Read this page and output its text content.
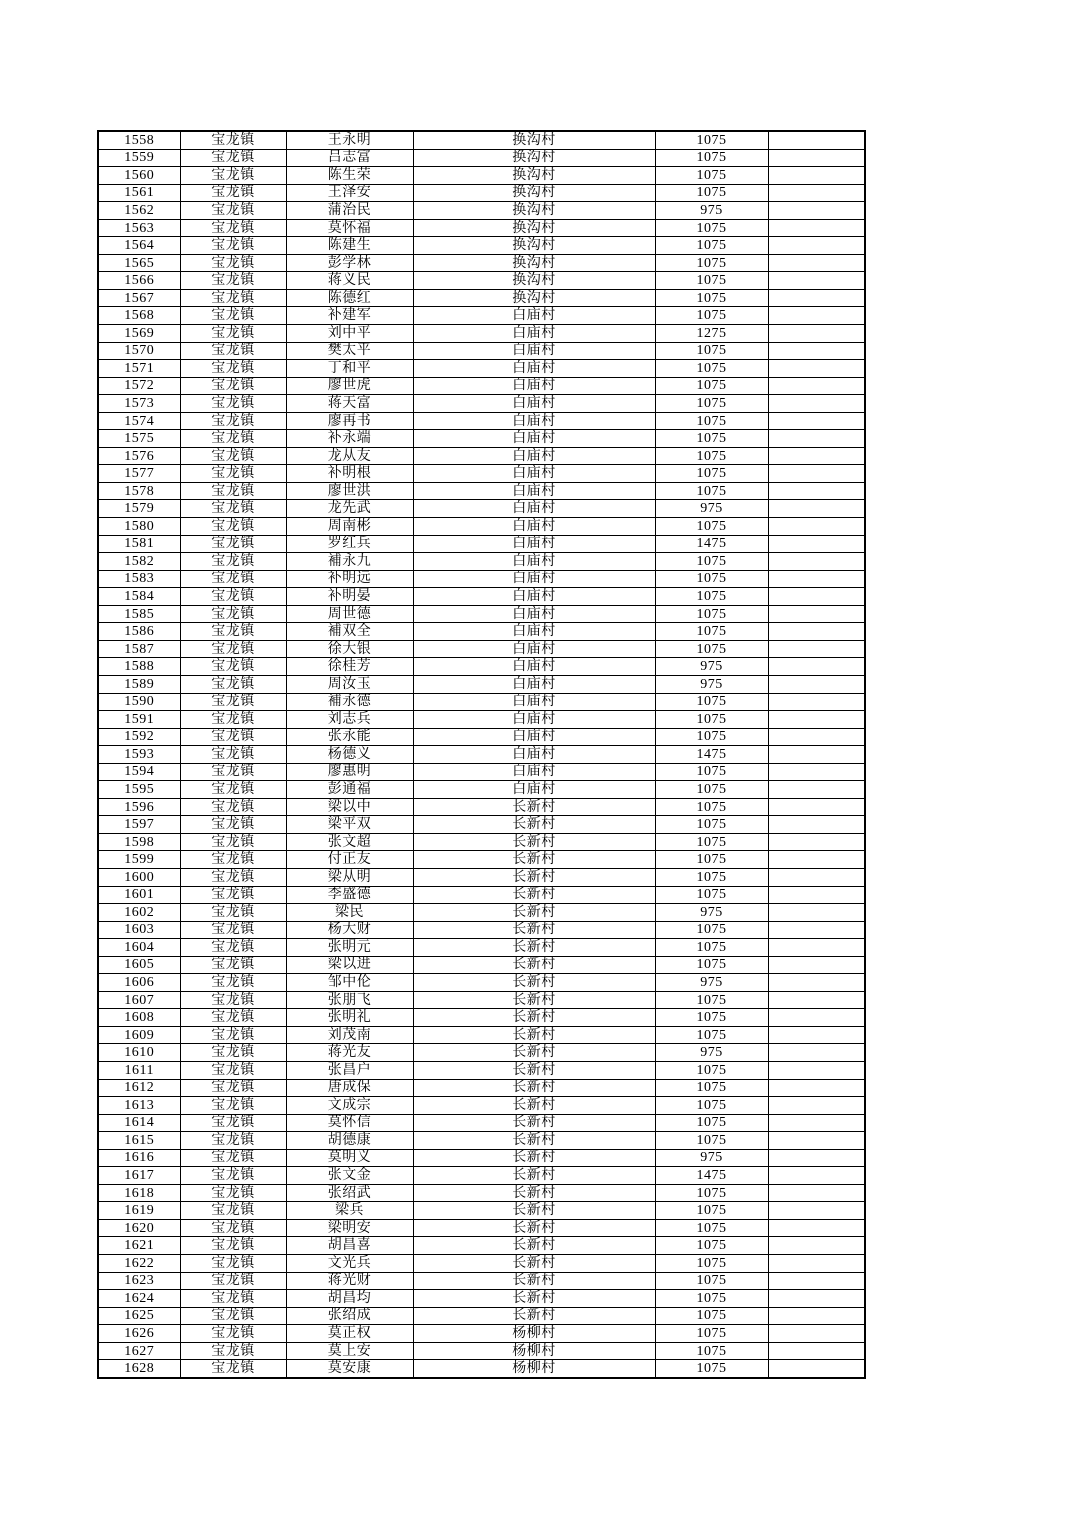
1558	宝龙镇	王永明	换沟村	1075	
1559	宝龙镇	吕志富	换沟村	1075	
1560	宝龙镇	陈生荣	换沟村	1075	
1561	宝龙镇	王泽安	换沟村	1075	
1562	宝龙镇	蒲治民	换沟村	975	
1563	宝龙镇	莫怀福	换沟村	1075	
1564	宝龙镇	陈建生	换沟村	1075	
1565	宝龙镇	彭学林	换沟村	1075	
1566	宝龙镇	蒋义民	换沟村	1075	
1567	宝龙镇	陈德红	换沟村	1075	
1568	宝龙镇	补建军	白庙村	1075	
1569	宝龙镇	刘中平	白庙村	1275	
1570	宝龙镇	樊太平	白庙村	1075	
1571	宝龙镇	丁和平	白庙村	1075	
1572	宝龙镇	廖世虎	白庙村	1075	
1573	宝龙镇	蒋天富	白庙村	1075	
1574	宝龙镇	廖再书	白庙村	1075	
1575	宝龙镇	补永端	白庙村	1075	
1576	宝龙镇	龙从友	白庙村	1075	
1577	宝龙镇	补明根	白庙村	1075	
1578	宝龙镇	廖世洪	白庙村	1075	
1579	宝龙镇	龙先武	白庙村	975	
1580	宝龙镇	周南彬	白庙村	1075	
1581	宝龙镇	罗红兵	白庙村	1475	
1582	宝龙镇	補永九	白庙村	1075	
1583	宝龙镇	补明远	白庙村	1075	
1584	宝龙镇	补明晏	白庙村	1075	
1585	宝龙镇	周世德	白庙村	1075	
1586	宝龙镇	補双全	白庙村	1075	
1587	宝龙镇	徐大银	白庙村	1075	
1588	宝龙镇	徐桂芳	白庙村	975	
1589	宝龙镇	周汝玉	白庙村	975	
1590	宝龙镇	補永德	白庙村	1075	
1591	宝龙镇	刘志兵	白庙村	1075	
1592	宝龙镇	张永能	白庙村	1075	
1593	宝龙镇	杨德义	白庙村	1475	
1594	宝龙镇	廖惠明	白庙村	1075	
1595	宝龙镇	彭通福	白庙村	1075	
1596	宝龙镇	梁以中	长新村	1075	
1597	宝龙镇	梁平双	长新村	1075	
1598	宝龙镇	张文超	长新村	1075	
1599	宝龙镇	付正友	长新村	1075	
1600	宝龙镇	梁从明	长新村	1075	
1601	宝龙镇	李盛德	长新村	1075	
1602	宝龙镇	梁民	长新村	975	
1603	宝龙镇	杨大财	长新村	1075	
1604	宝龙镇	张明元	长新村	1075	
1605	宝龙镇	梁以进	长新村	1075	
1606	宝龙镇	邹中伦	长新村	975	
1607	宝龙镇	张朋飞	长新村	1075	
1608	宝龙镇	张明礼	长新村	1075	
1609	宝龙镇	刘茂南	长新村	1075	
1610	宝龙镇	蒋光友	长新村	975	
1611	宝龙镇	张昌户	长新村	1075	
1612	宝龙镇	唐成保	长新村	1075	
1613	宝龙镇	文成宗	长新村	1075	
1614	宝龙镇	莫怀信	长新村	1075	
1615	宝龙镇	胡德康	长新村	1075	
1616	宝龙镇	莫明义	长新村	975	
1617	宝龙镇	张文金	长新村	1475	
1618	宝龙镇	张绍武	长新村	1075	
1619	宝龙镇	梁兵	长新村	1075	
1620	宝龙镇	梁明安	长新村	1075	
1621	宝龙镇	胡昌喜	长新村	1075	
1622	宝龙镇	文光兵	长新村	1075	
1623	宝龙镇	蒋光财	长新村	1075	
1624	宝龙镇	胡昌均	长新村	1075	
1625	宝龙镇	张绍成	长新村	1075	
1626	宝龙镇	莫正权	杨柳村	1075	
1627	宝龙镇	莫上安	杨柳村	1075	
1628	宝龙镇	莫安康	杨柳村	1075	
